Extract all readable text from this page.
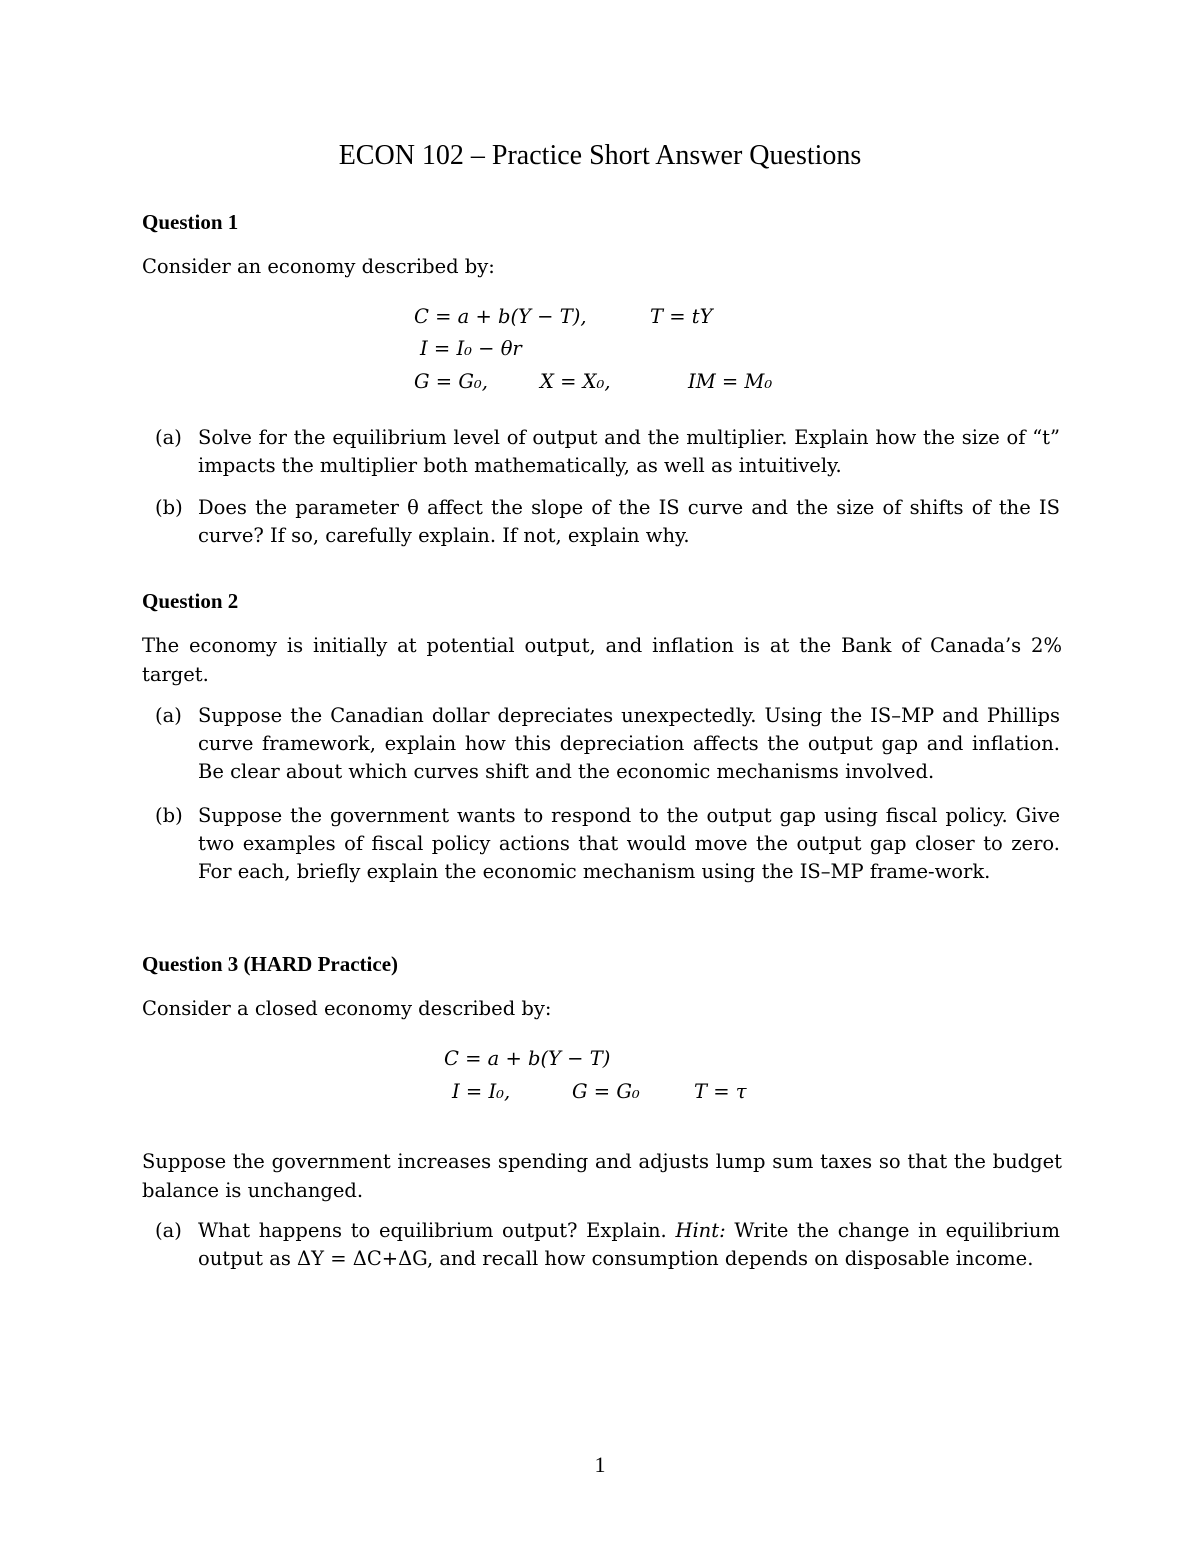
ECON 102 – Practice Short Answer Questions
Question 1
Consider an economy described by:
C = a + b(Y − T),	T = tY
I = I₀ − θr
G = G₀,	X = X₀,	IM = M₀
(a) Solve for the equilibrium level of output and the multiplier. Explain how the size of “t” impacts the multiplier both mathematically, as well as intuitively.
(b) Does the parameter θ affect the slope of the IS curve and the size of shifts of the IS curve? If so, carefully explain. If not, explain why.
Question 2
The economy is initially at potential output, and inflation is at the Bank of Canada’s 2% target.
(a) Suppose the Canadian dollar depreciates unexpectedly. Using the IS–MP and Phillips curve framework, explain how this depreciation affects the output gap and inflation. Be clear about which curves shift and the economic mechanisms involved.
(b) Suppose the government wants to respond to the output gap using fiscal policy. Give two examples of fiscal policy actions that would move the output gap closer to zero. For each, briefly explain the economic mechanism using the IS–MP frame-work.
Question 3 (HARD Practice)
Consider a closed economy described by:
C = a + b(Y − T)
I = I₀,	G = G₀	T = τ
Suppose the government increases spending and adjusts lump sum taxes so that the budget balance is unchanged.
(a) What happens to equilibrium output? Explain. Hint: Write the change in equilibrium output as ΔY = ΔC+ΔG, and recall how consumption depends on disposable income.
1
